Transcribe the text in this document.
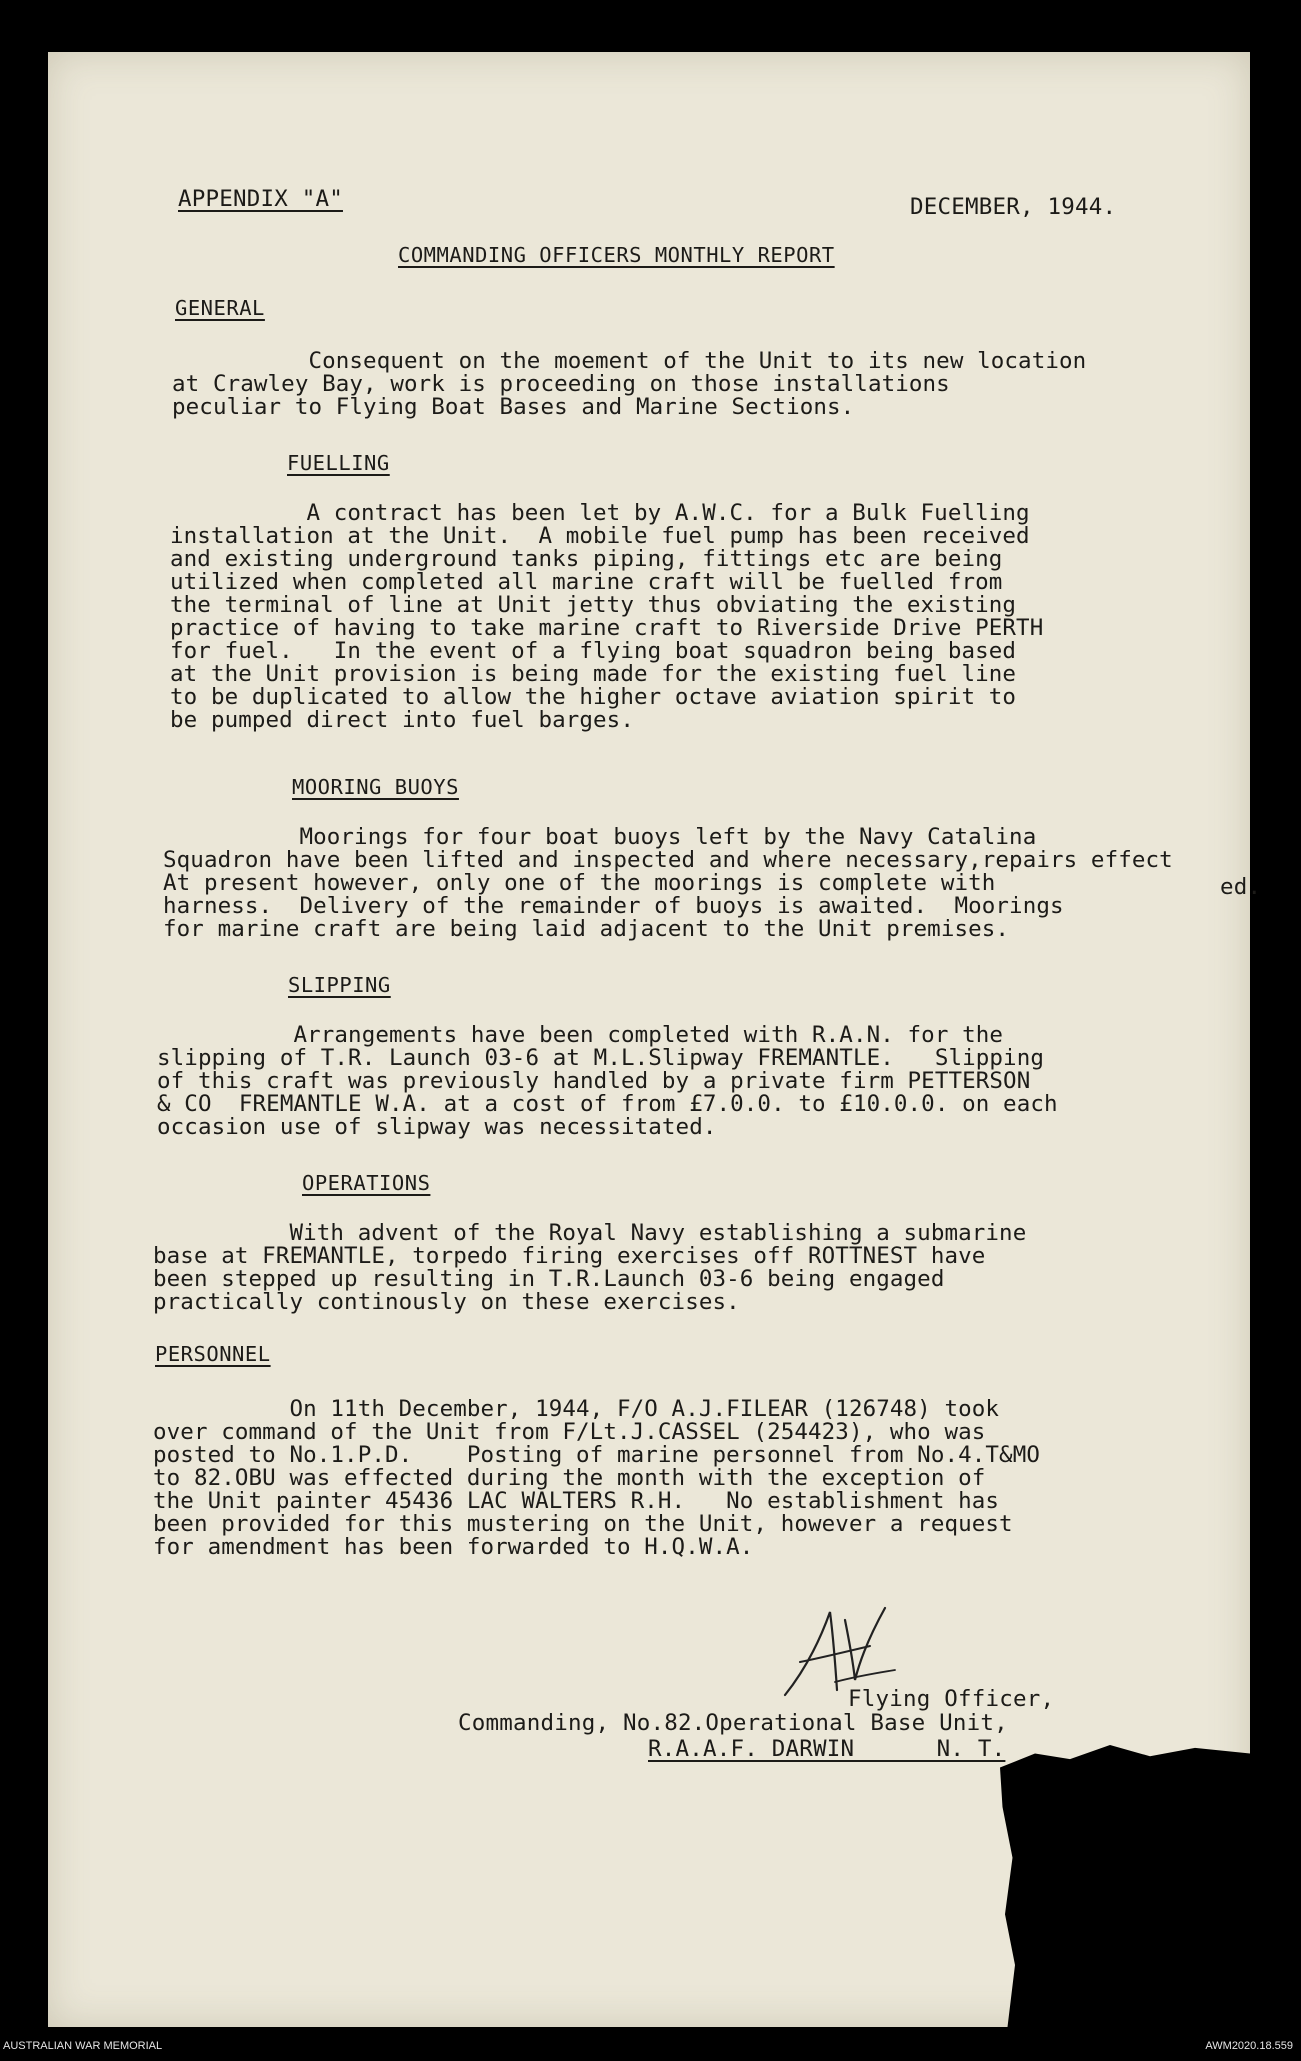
APPENDIX "A"	DECEMBER, 1944.
COMMANDING OFFICERS MONTHLY REPORT
GENERAL
Consequent on the moement of the Unit to its new location
at Crawley Bay, work is proceeding on those installations
peculiar to Flying Boat Bases and Marine Sections.
FUELLING
A contract has been let by A.W.C. for a Bulk Fuelling
installation at the Unit.  A mobile fuel pump has been received
and existing underground tanks piping, fittings etc are being
utilized when completed all marine craft will be fuelled from
the terminal of line at Unit jetty thus obviating the existing
practice of having to take marine craft to Riverside Drive PERTH
for fuel.   In the event of a flying boat squadron being based
at the Unit provision is being made for the existing fuel line
to be duplicated to allow the higher octave aviation spirit to
be pumped direct into fuel barges.
MOORING BUOYS
Moorings for four boat buoys left by the Navy Catalina
Squadron have been lifted and inspected and where necessary,repairs effect
At present however, only one of the moorings is complete with
harness.  Delivery of the remainder of buoys is awaited.  Moorings
for marine craft are being laid adjacent to the Unit premises.
ed.
SLIPPING
Arrangements have been completed with R.A.N. for the
slipping of T.R. Launch 03-6 at M.L.Slipway FREMANTLE.   Slipping
of this craft was previously handled by a private firm PETTERSON
& CO  FREMANTLE W.A. at a cost of from £7.0.0. to £10.0.0. on each
occasion use of slipway was necessitated.
OPERATIONS
With advent of the Royal Navy establishing a submarine
base at FREMANTLE, torpedo firing exercises off ROTTNEST have
been stepped up resulting in T.R.Launch 03-6 being engaged
practically continously on these exercises.
PERSONNEL
On 11th December, 1944, F/O A.J.FILEAR (126748) took
over command of the Unit from F/Lt.J.CASSEL (254423), who was
posted to No.1.P.D.    Posting of marine personnel from No.4.T&MO
to 82.OBU was effected during the month with the exception of
the Unit painter 45436 LAC WALTERS R.H.   No establishment has
been provided for this mustering on the Unit, however a request
for amendment has been forwarded to H.Q.W.A.
Flying Officer,
Commanding, No.82.Operational Base Unit,
R.A.A.F. DARWIN      N. T.
AUSTRALIAN WAR MEMORIAL	AWM2020.18.559
